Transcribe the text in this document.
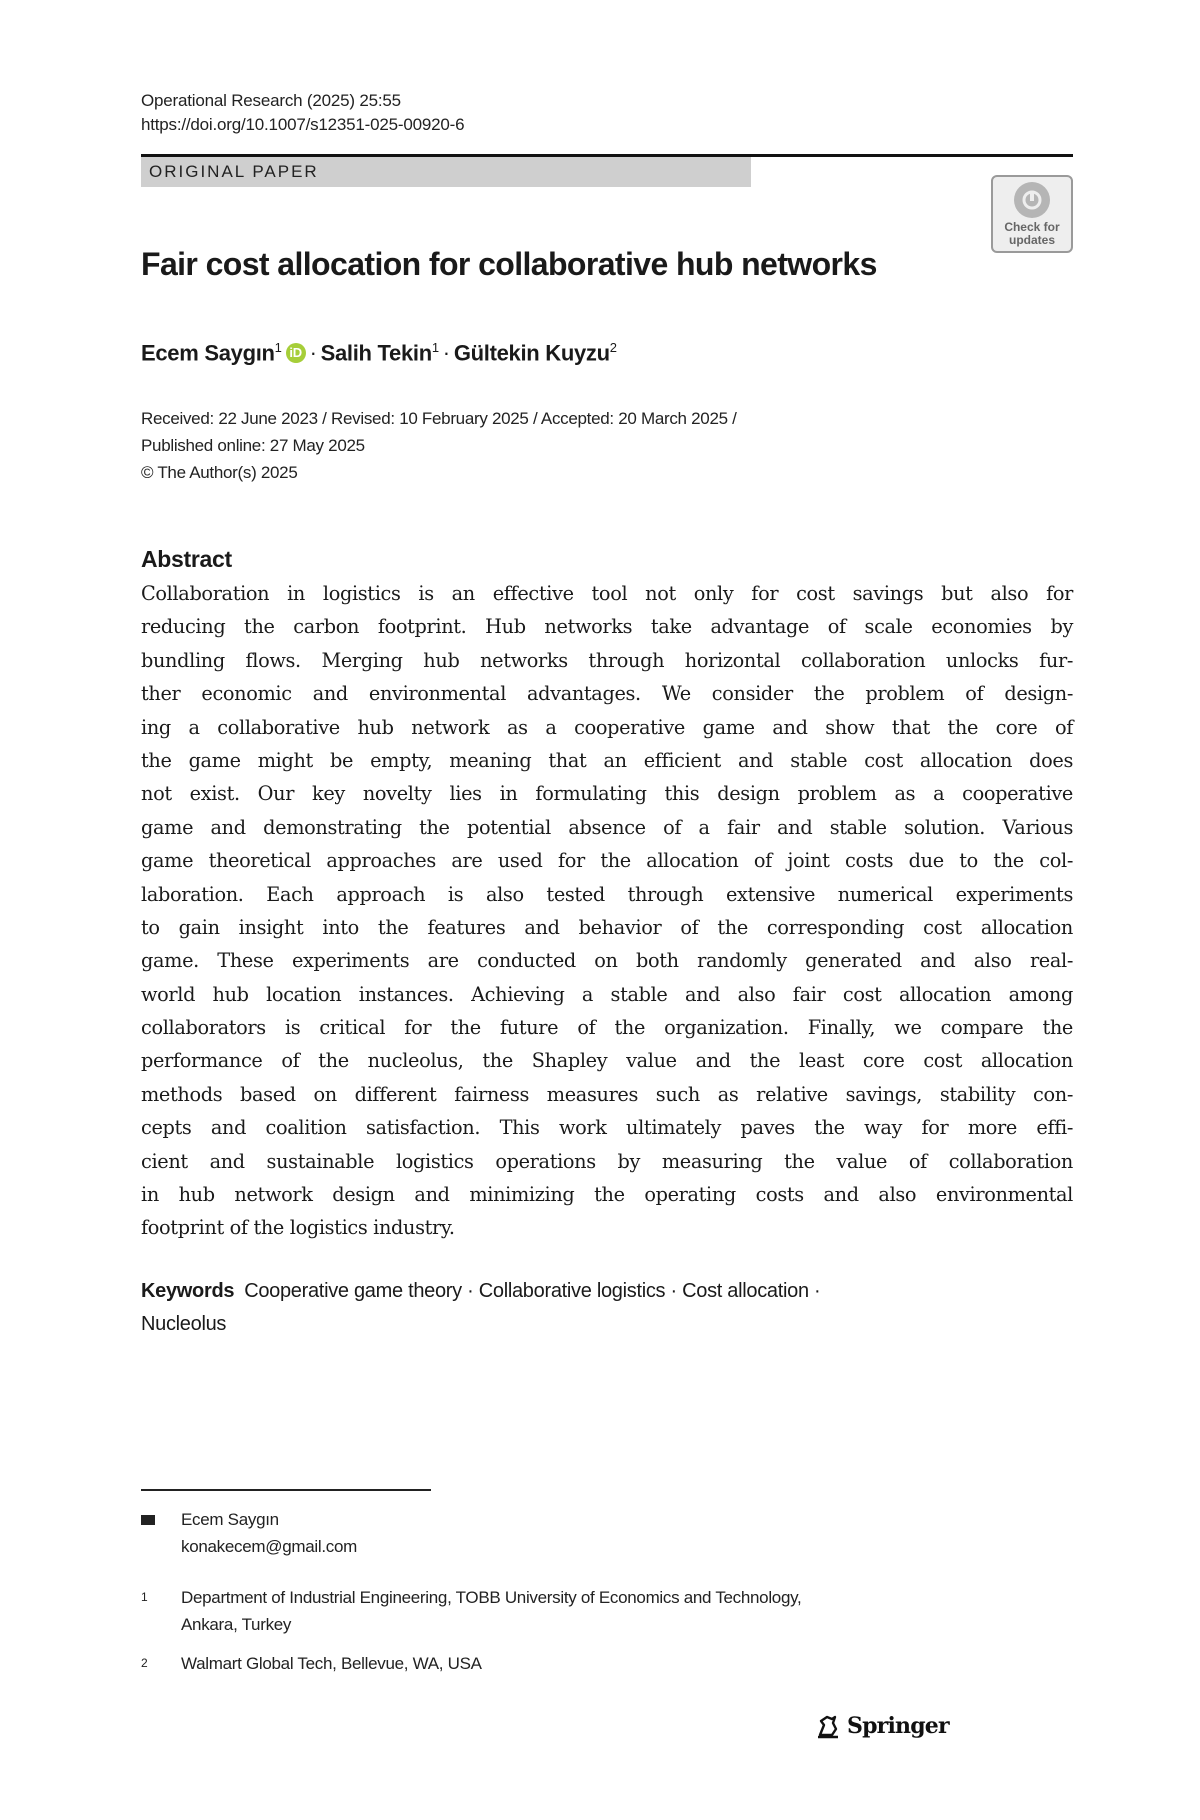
Operational Research (2025) 25:55
https://doi.org/10.1007/s12351-025-00920-6
ORIGINAL PAPER
Check for updates
Fair cost allocation for collaborative hub networks
Ecem Saygın$^1$ iD · Salih Tekin$^1$ · Gültekin Kuyzu$^2$
Received: 22 June 2023 / Revised: 10 February 2025 / Accepted: 20 March 2025 /
Published online: 27 May 2025
© The Author(s) 2025
Abstract
Collaboration in logistics is an effective tool not only for cost savings but also for
reducing the carbon footprint. Hub networks take advantage of scale economies by
bundling flows. Merging hub networks through horizontal collaboration unlocks fur-
ther economic and environmental advantages. We consider the problem of design-
ing a collaborative hub network as a cooperative game and show that the core of
the game might be empty, meaning that an efficient and stable cost allocation does
not exist. Our key novelty lies in formulating this design problem as a cooperative
game and demonstrating the potential absence of a fair and stable solution. Various
game theoretical approaches are used for the allocation of joint costs due to the col-
laboration. Each approach is also tested through extensive numerical experiments
to gain insight into the features and behavior of the corresponding cost allocation
game. These experiments are conducted on both randomly generated and also real-
world hub location instances. Achieving a stable and also fair cost allocation among
collaborators is critical for the future of the organization. Finally, we compare the
performance of the nucleolus, the Shapley value and the least core cost allocation
methods based on different fairness measures such as relative savings, stability con-
cepts and coalition satisfaction. This work ultimately paves the way for more effi-
cient and sustainable logistics operations by measuring the value of collaboration
in hub network design and minimizing the operating costs and also environmental
footprint of the logistics industry.
Keywords Cooperative game theory · Collaborative logistics · Cost allocation ·
Nucleolus
Ecem Saygın
konakecem@gmail.com
1	Department of Industrial Engineering, TOBB University of Economics and Technology,
Ankara, Turkey
2	Walmart Global Tech, Bellevue, WA, USA
Springer
